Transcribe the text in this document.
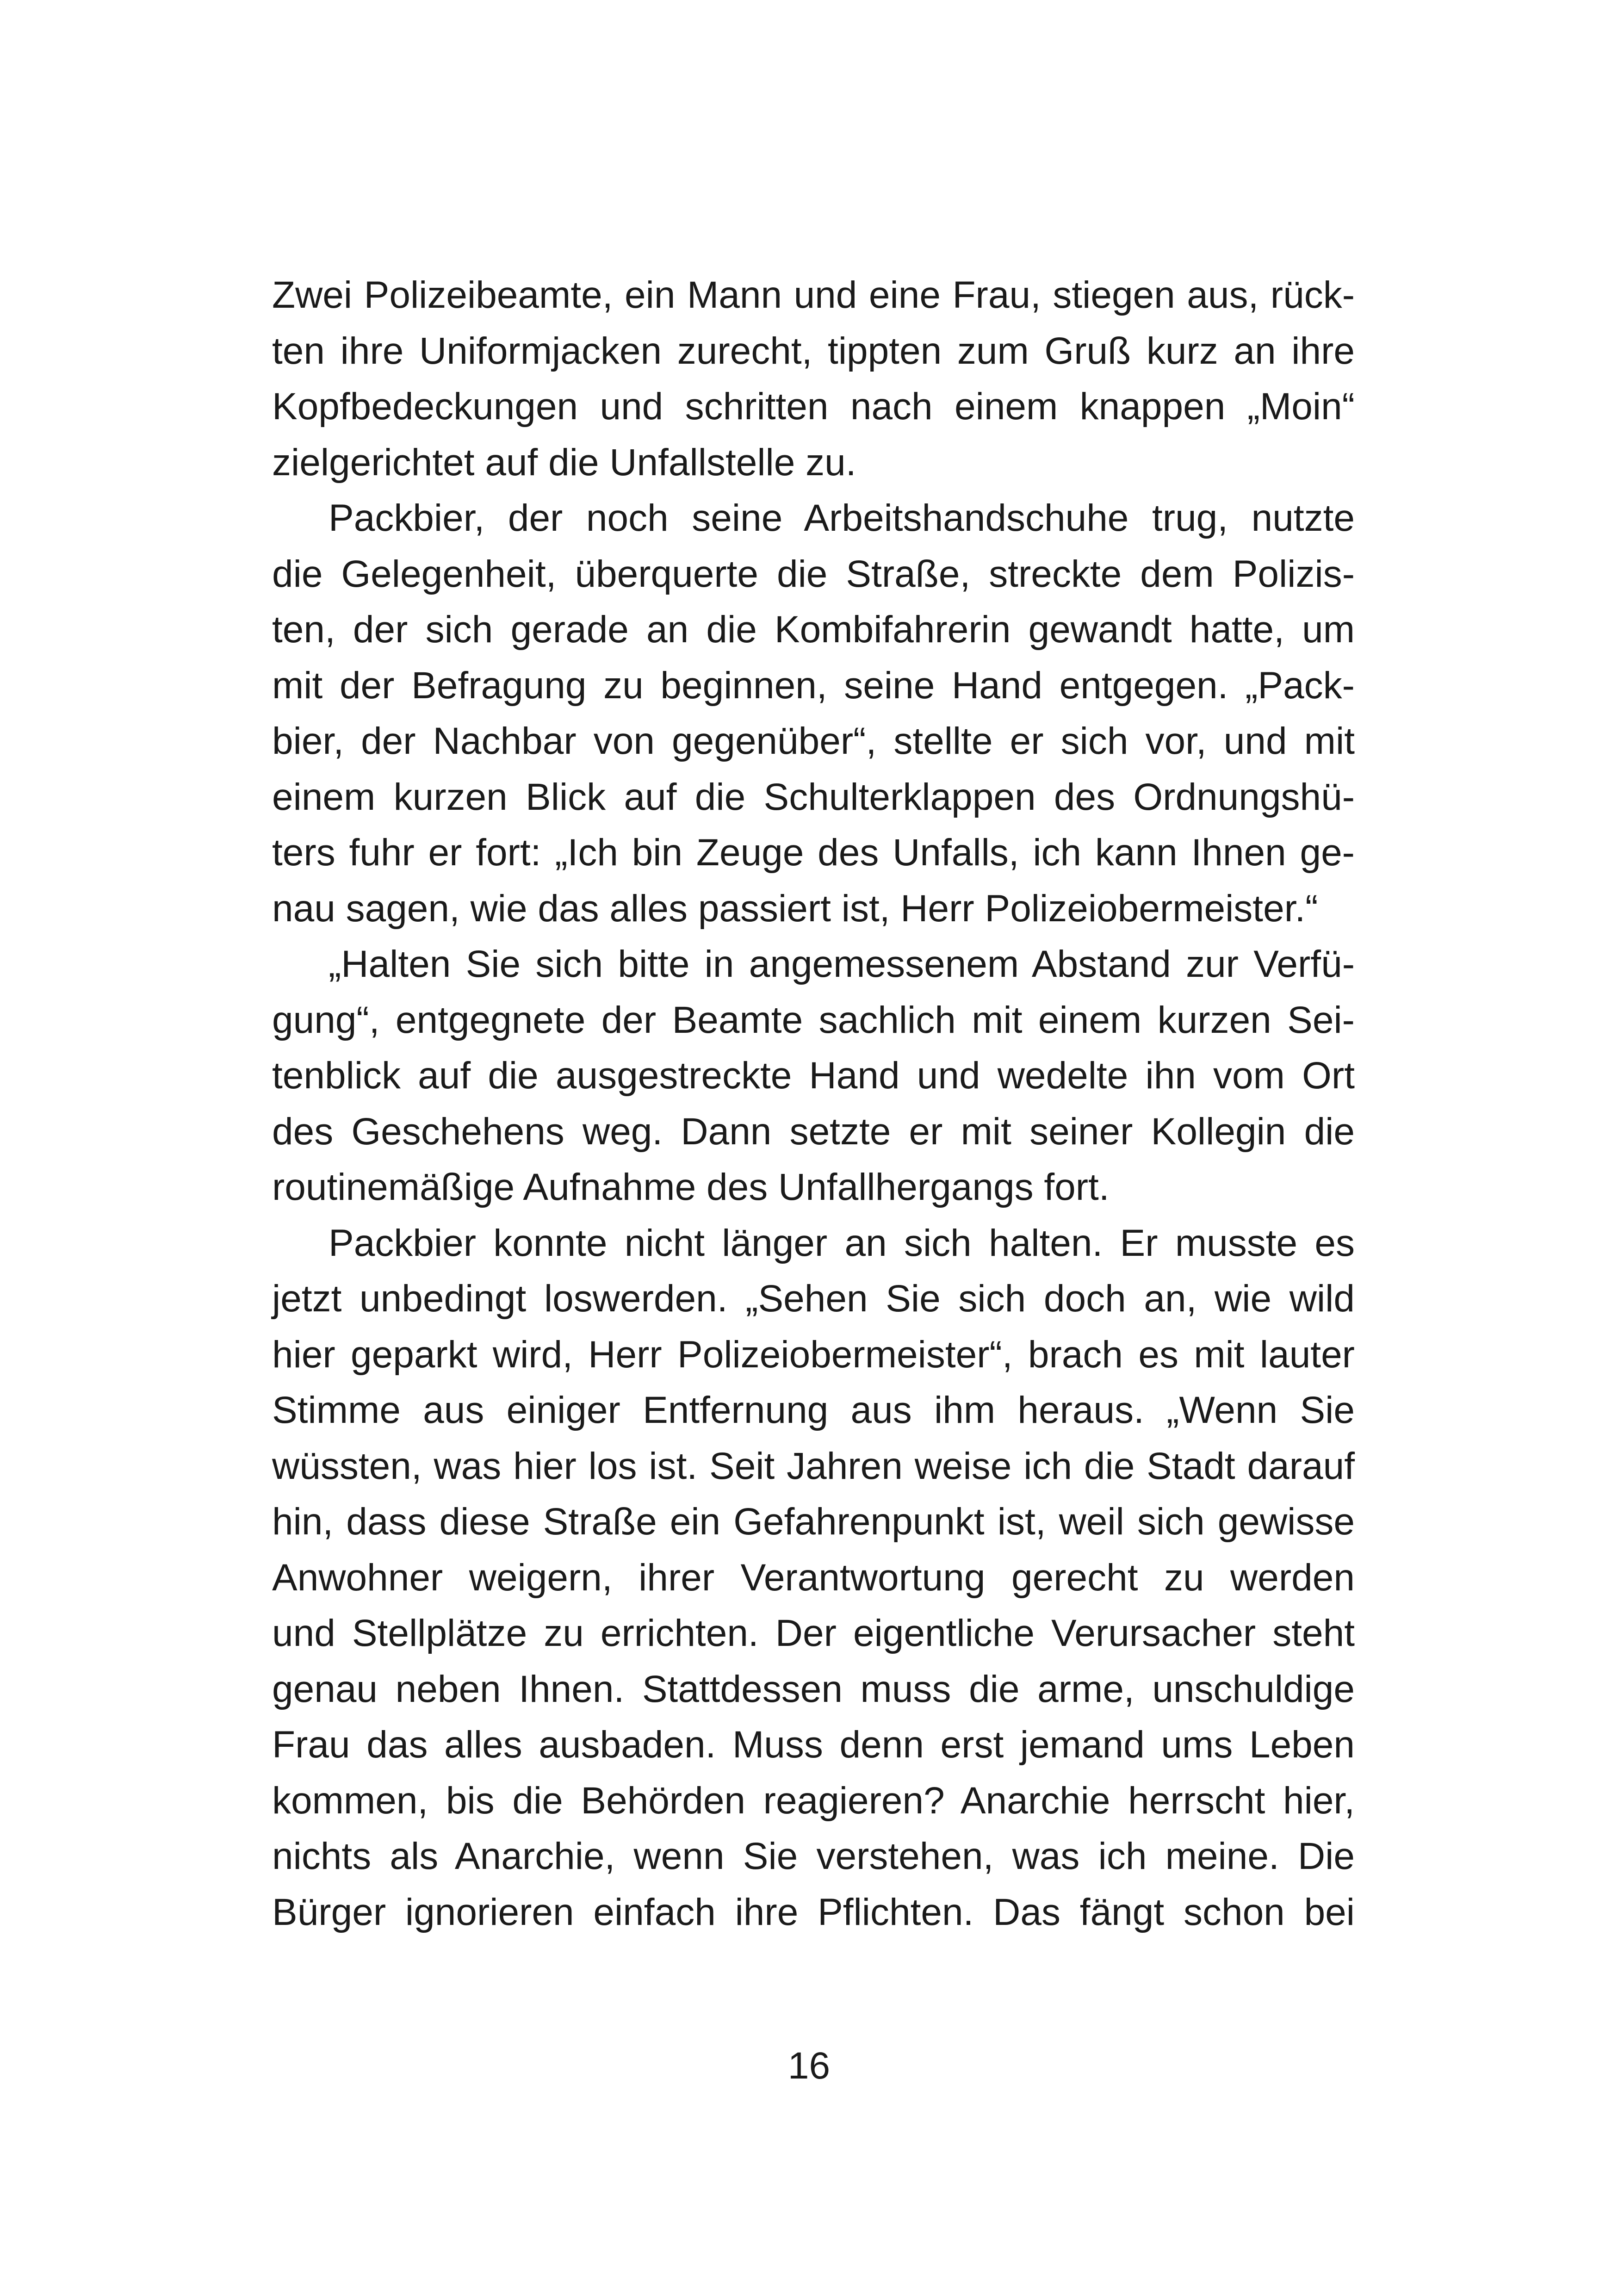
Zwei Polizeibeamte, ein Mann und eine Frau, stiegen aus, rück-
ten ihre Uniformjacken zurecht, tippten zum Gruß kurz an ihre
Kopfbedeckungen und schritten nach einem knappen „Moin“
zielgerichtet auf die Unfallstelle zu.
Packbier, der noch seine Arbeitshandschuhe trug, nutzte
die Gelegenheit, überquerte die Straße, streckte dem Polizis-
ten, der sich gerade an die Kombifahrerin gewandt hatte, um
mit der Befragung zu beginnen, seine Hand entgegen. „Pack-
bier, der Nachbar von gegenüber“, stellte er sich vor, und mit
einem kurzen Blick auf die Schulterklappen des Ordnungshü-
ters fuhr er fort: „Ich bin Zeuge des Unfalls, ich kann Ihnen ge-
nau sagen, wie das alles passiert ist, Herr Polizeiobermeister.“
„Halten Sie sich bitte in angemessenem Abstand zur Verfü-
gung“, entgegnete der Beamte sachlich mit einem kurzen Sei-
tenblick auf die ausgestreckte Hand und wedelte ihn vom Ort
des Geschehens weg. Dann setzte er mit seiner Kollegin die
routinemäßige Aufnahme des Unfallhergangs fort.
Packbier konnte nicht länger an sich halten. Er musste es
jetzt unbedingt loswerden. „Sehen Sie sich doch an, wie wild
hier geparkt wird, Herr Polizeiobermeister“, brach es mit lauter
Stimme aus einiger Entfernung aus ihm heraus. „Wenn Sie
wüssten, was hier los ist. Seit Jahren weise ich die Stadt darauf
hin, dass diese Straße ein Gefahrenpunkt ist, weil sich gewisse
Anwohner weigern, ihrer Verantwortung gerecht zu werden
und Stellplätze zu errichten. Der eigentliche Verursacher steht
genau neben Ihnen. Stattdessen muss die arme, unschuldige
Frau das alles ausbaden. Muss denn erst jemand ums Leben
kommen, bis die Behörden reagieren? Anarchie herrscht hier,
nichts als Anarchie, wenn Sie verstehen, was ich meine. Die
Bürger ignorieren einfach ihre Pflichten. Das fängt schon bei
16
